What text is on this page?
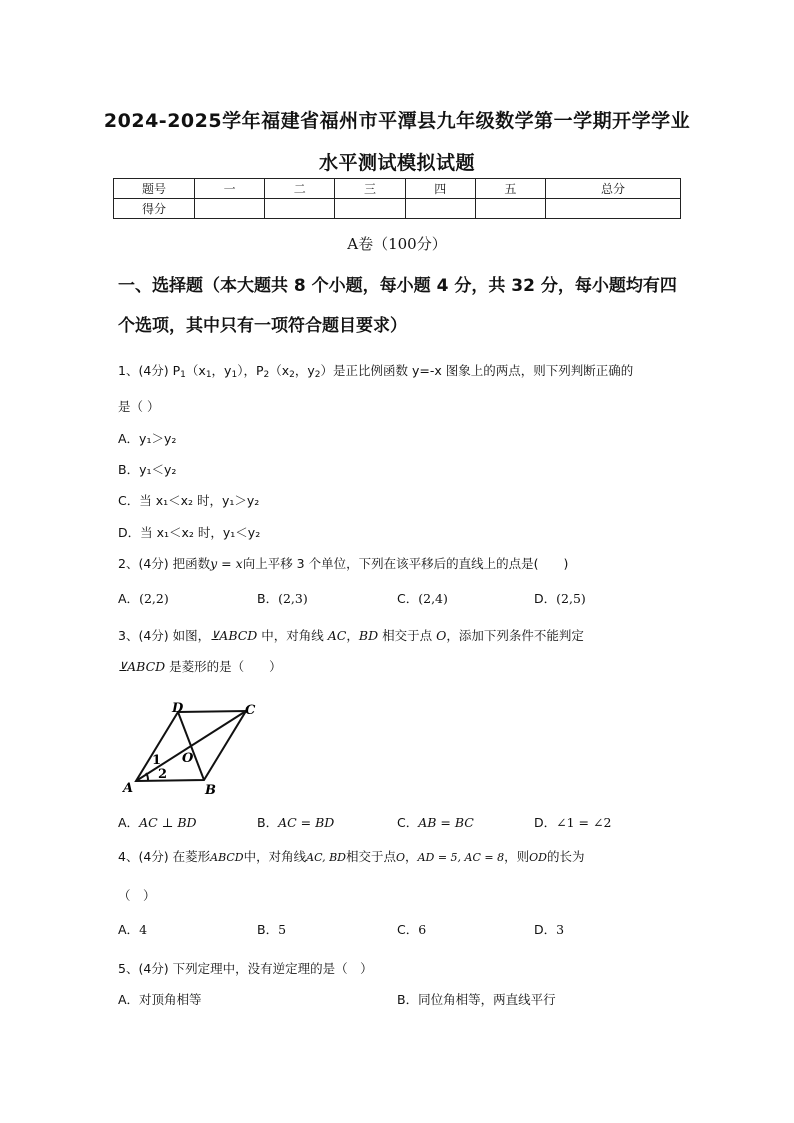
2024-2025学年福建省福州市平潭县九年级数学第一学期开学学业
水平测试模拟试题
题号	一	二	三	四	五	总分
得分						
A卷（100分）
一、选择题（本大题共 8 个小题，每小题 4 分，共 32 分，每小题均有四个选项，其中只有一项符合题目要求）
1、(4分) $P_1(x_1$，$y_1$），$P_2(x_2$，$y_2$）是正比例函数 y=-x 图象上的两点，则下列判断正确的
是（ ）
A．y₁＞y₂
B．y₁＜y₂
C．当 x₁＜x₂ 时，y₁＞y₂
D．当 x₁＜x₂ 时，y₁＜y₂
2、(4分) 把函数y = x向上平移 3 个单位，下列在该平移后的直线上的点是(　　)
A．(2,2)	B．(2,3)	C．(2,4)	D．(2,5)
3、(4分) 如图，⊻ABCD 中，对角线 AC，BD 相交于点 O，添加下列条件不能判定
⊻ABCD 是菱形的是（　　）
D	C
O
1
2
A	B
A．AC ⊥ BD	B．AC = BD	C．AB = BC	D．∠1 = ∠2
4、(4分) 在菱形ABCD中，对角线AC, BD相交于点O，AD = 5, AC = 8，则OD的长为
（　）
A．4	B．5	C．6	D．3
5、(4分) 下列定理中，没有逆定理的是（　）
A．对顶角相等	B．同位角相等，两直线平行
